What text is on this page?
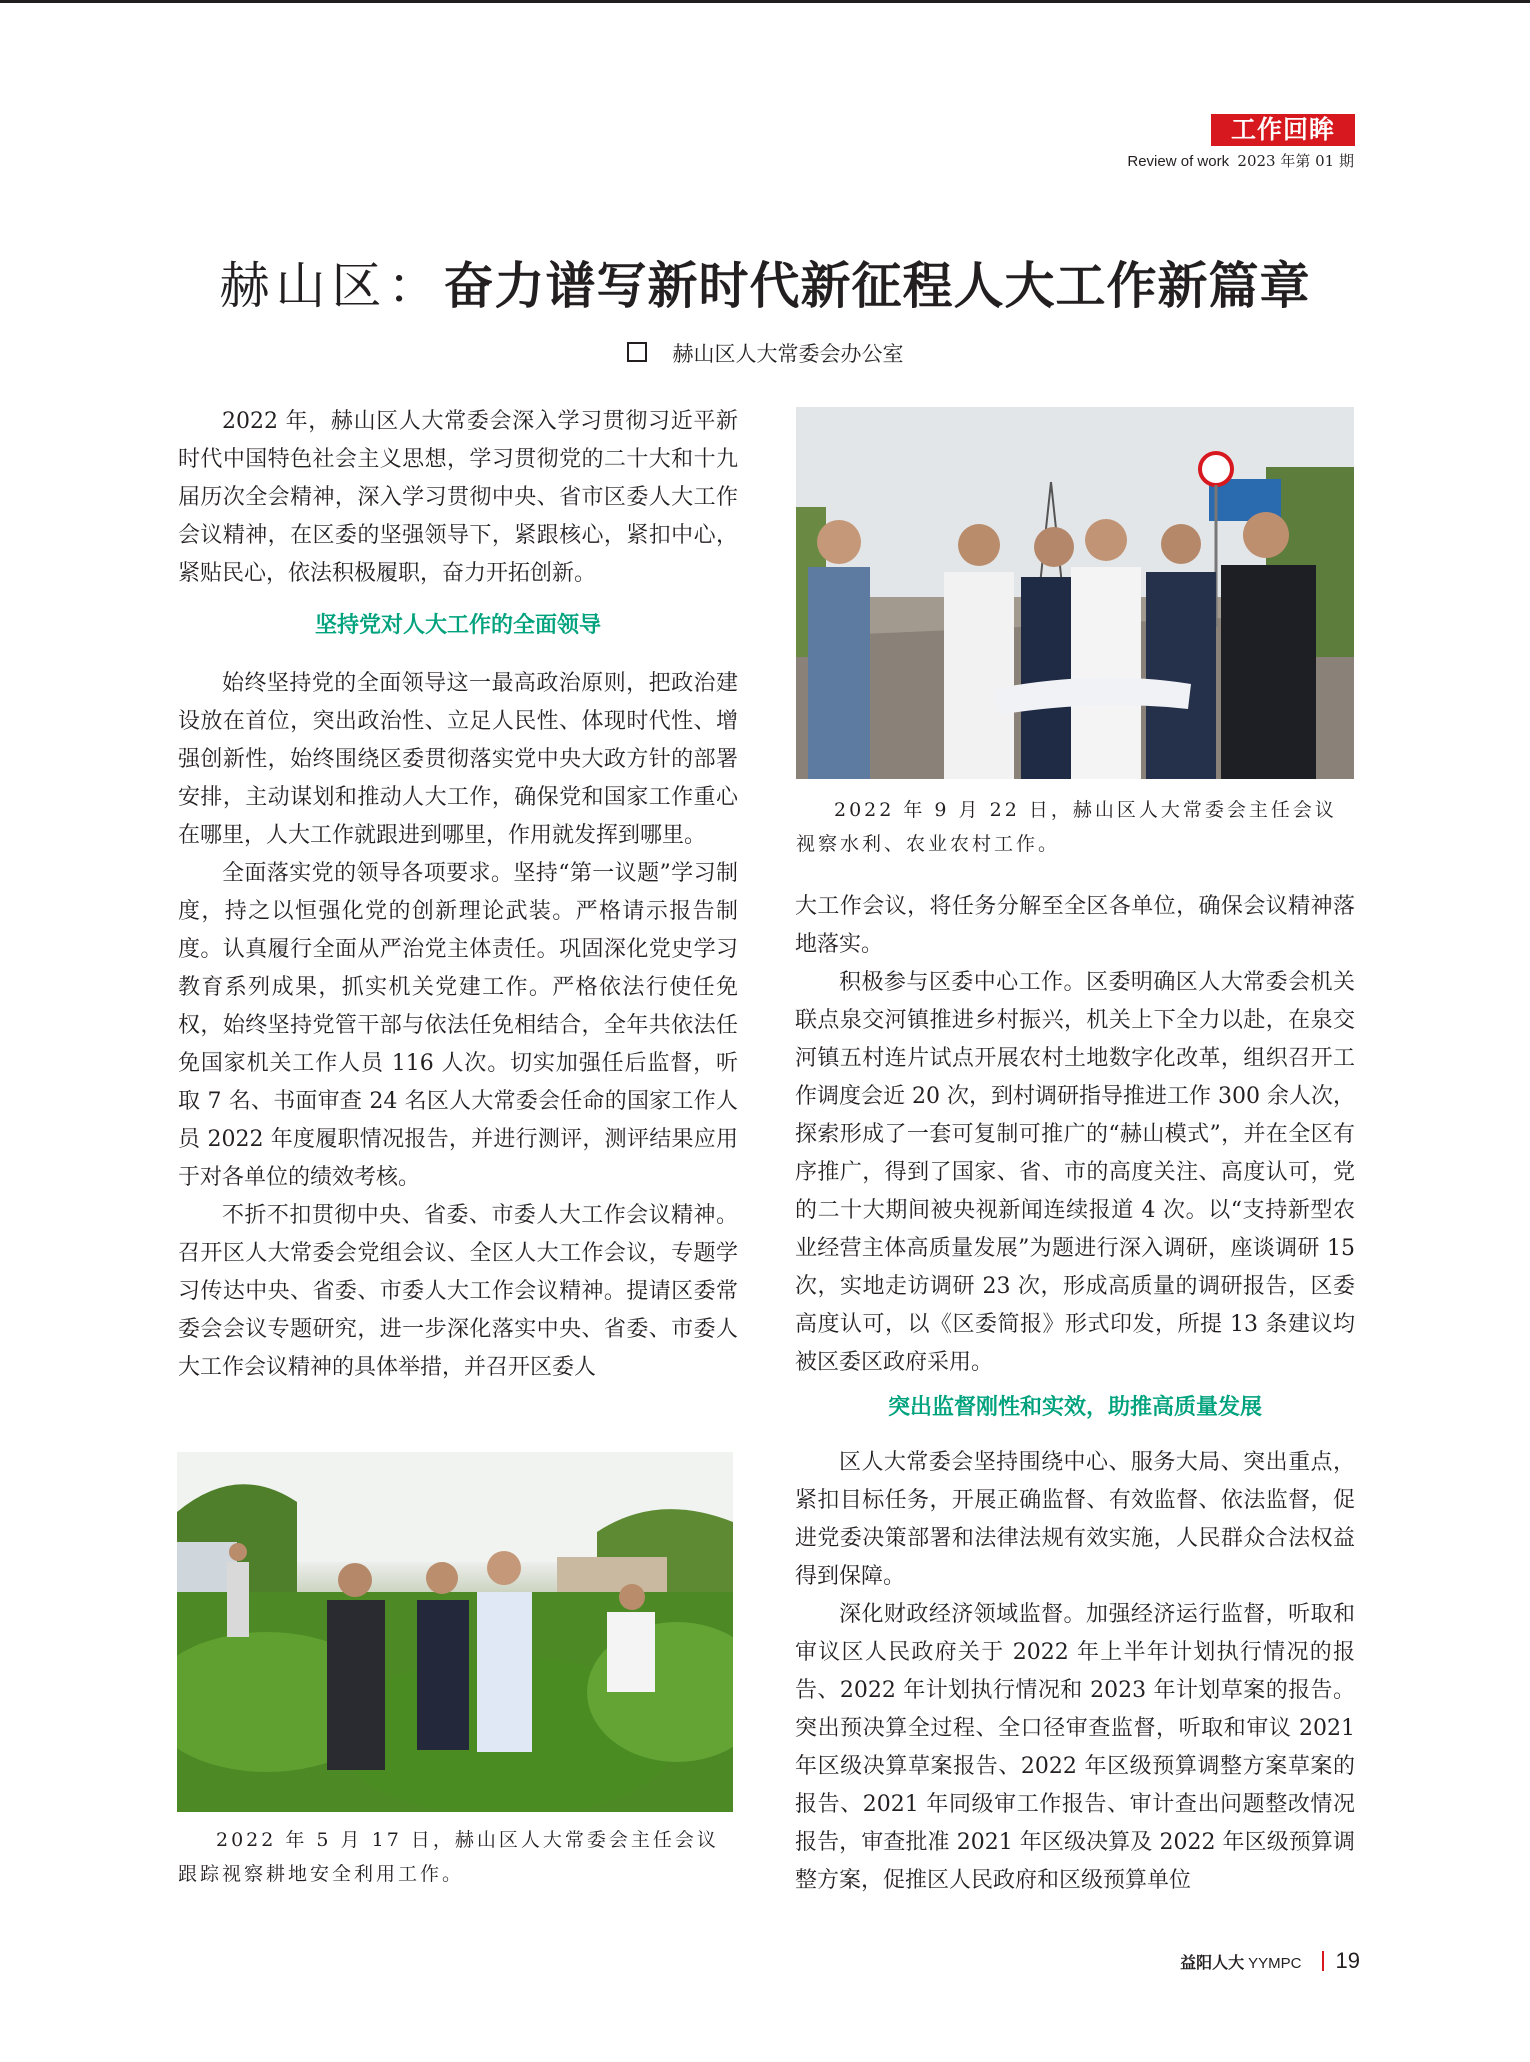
工作回眸
Review of work 2023 年第 01 期
赫山区：奋力谱写新时代新征程人大工作新篇章
赫山区人大常委会办公室

2022 年，赫山区人大常委会深入学习贯彻习近平新时代中国特色社会主义思想，学习贯彻党的二十大和十九届历次全会精神，深入学习贯彻中央、省市区委人大工作会议精神，在区委的坚强领导下，紧跟核心，紧扣中心，紧贴民心，依法积极履职，奋力开拓创新。

坚持党对人大工作的全面领导

始终坚持党的全面领导这一最高政治原则，把政治建设放在首位，突出政治性、立足人民性、体现时代性、增强创新性，始终围绕区委贯彻落实党中央大政方针的部署安排，主动谋划和推动人大工作，确保党和国家工作重心在哪里，人大工作就跟进到哪里，作用就发挥到哪里。

全面落实党的领导各项要求。坚持“第一议题”学习制度，持之以恒强化党的创新理论武装。严格请示报告制度。认真履行全面从严治党主体责任。巩固深化党史学习教育系列成果，抓实机关党建工作。严格依法行使任免权，始终坚持党管干部与依法任免相结合，全年共依法任免国家机关工作人员 116 人次。切实加强任后监督，听取 7 名、书面审查 24 名区人大常委会任命的国家工作人员 2022 年度履职情况报告，并进行测评，测评结果应用于对各单位的绩效考核。

不折不扣贯彻中央、省委、市委人大工作会议精神。召开区人大常委会党组会议、全区人大工作会议，专题学习传达中央、省委、市委人大工作会议精神。提请区委常委会会议专题研究，进一步深化落实中央、省委、市委人大工作会议精神的具体举措，并召开区委人

2022 年 9 月 22 日，赫山区人大常委会主任会议
视察水利、农业农村工作。

大工作会议，将任务分解至全区各单位，确保会议精神落地落实。

积极参与区委中心工作。区委明确区人大常委会机关联点泉交河镇推进乡村振兴，机关上下全力以赴，在泉交河镇五村连片试点开展农村土地数字化改革，组织召开工作调度会近 20 次，到村调研指导推进工作 300 余人次，探索形成了一套可复制可推广的“赫山模式”，并在全区有序推广，得到了国家、省、市的高度关注、高度认可，党的二十大期间被央视新闻连续报道 4 次。以“支持新型农业经营主体高质量发展”为题进行深入调研，座谈调研 15 次，实地走访调研 23 次，形成高质量的调研报告，区委高度认可，以《区委简报》形式印发，所提 13 条建议均被区委区政府采用。

突出监督刚性和实效，助推高质量发展

区人大常委会坚持围绕中心、服务大局、突出重点，紧扣目标任务，开展正确监督、有效监督、依法监督，促进党委决策部署和法律法规有效实施，人民群众合法权益得到保障。

深化财政经济领域监督。加强经济运行监督，听取和审议区人民政府关于 2022 年上半年计划执行情况的报告、2022 年计划执行情况和 2023 年计划草案的报告。突出预决算全过程、全口径审查监督，听取和审议 2021 年区级决算草案报告、2022 年区级预算调整方案草案的报告、2021 年同级审工作报告、审计查出问题整改情况报告，审查批准 2021 年区级决算及 2022 年区级预算调整方案，促推区人民政府和区级预算单位

2022 年 5 月 17 日，赫山区人大常委会主任会议
跟踪视察耕地安全利用工作。
益阳人大 YYMPC 19
